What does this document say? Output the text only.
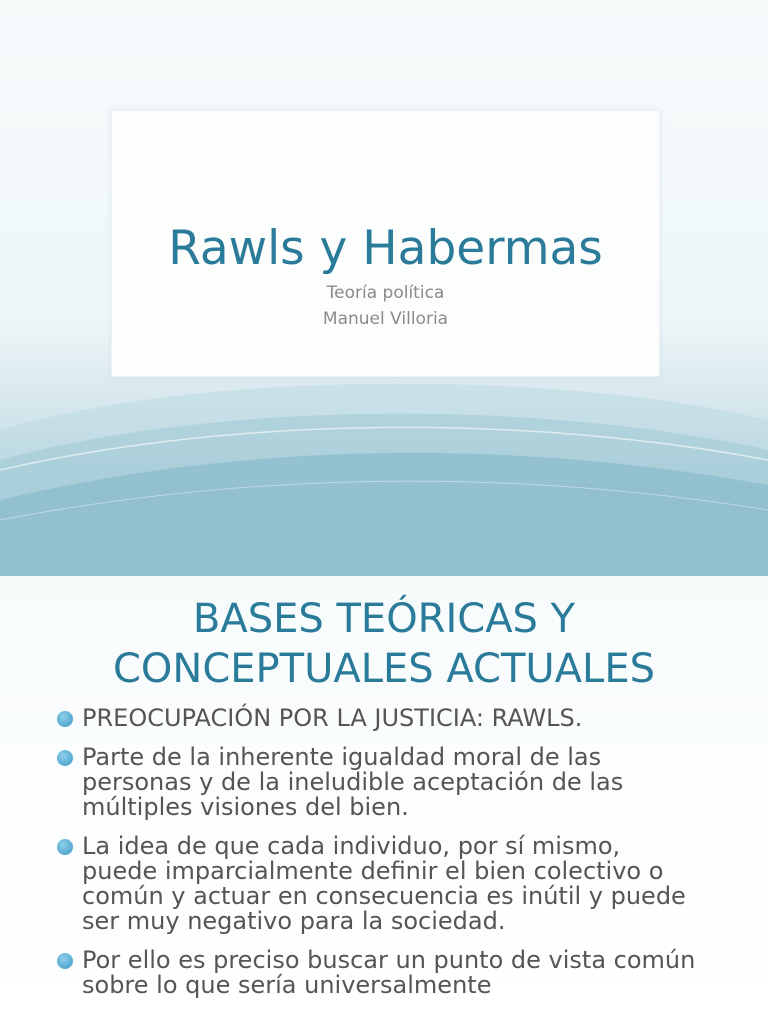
Rawls y Habermas
Teoría política
Manuel Villoria
BASES TEÓRICAS Y
CONCEPTUALES ACTUALES
PREOCUPACIÓN POR LA JUSTICIA: RAWLS.
Parte de la inherente igualdad moral de las personas y de la ineludible aceptación de las múltiples visiones del bien.
La idea de que cada individuo, por sí mismo, puede imparcialmente definir el bien colectivo o común y actuar en consecuencia es inútil y puede ser muy negativo para la sociedad.
Por ello es preciso buscar un punto de vista común sobre lo que sería universalmente
